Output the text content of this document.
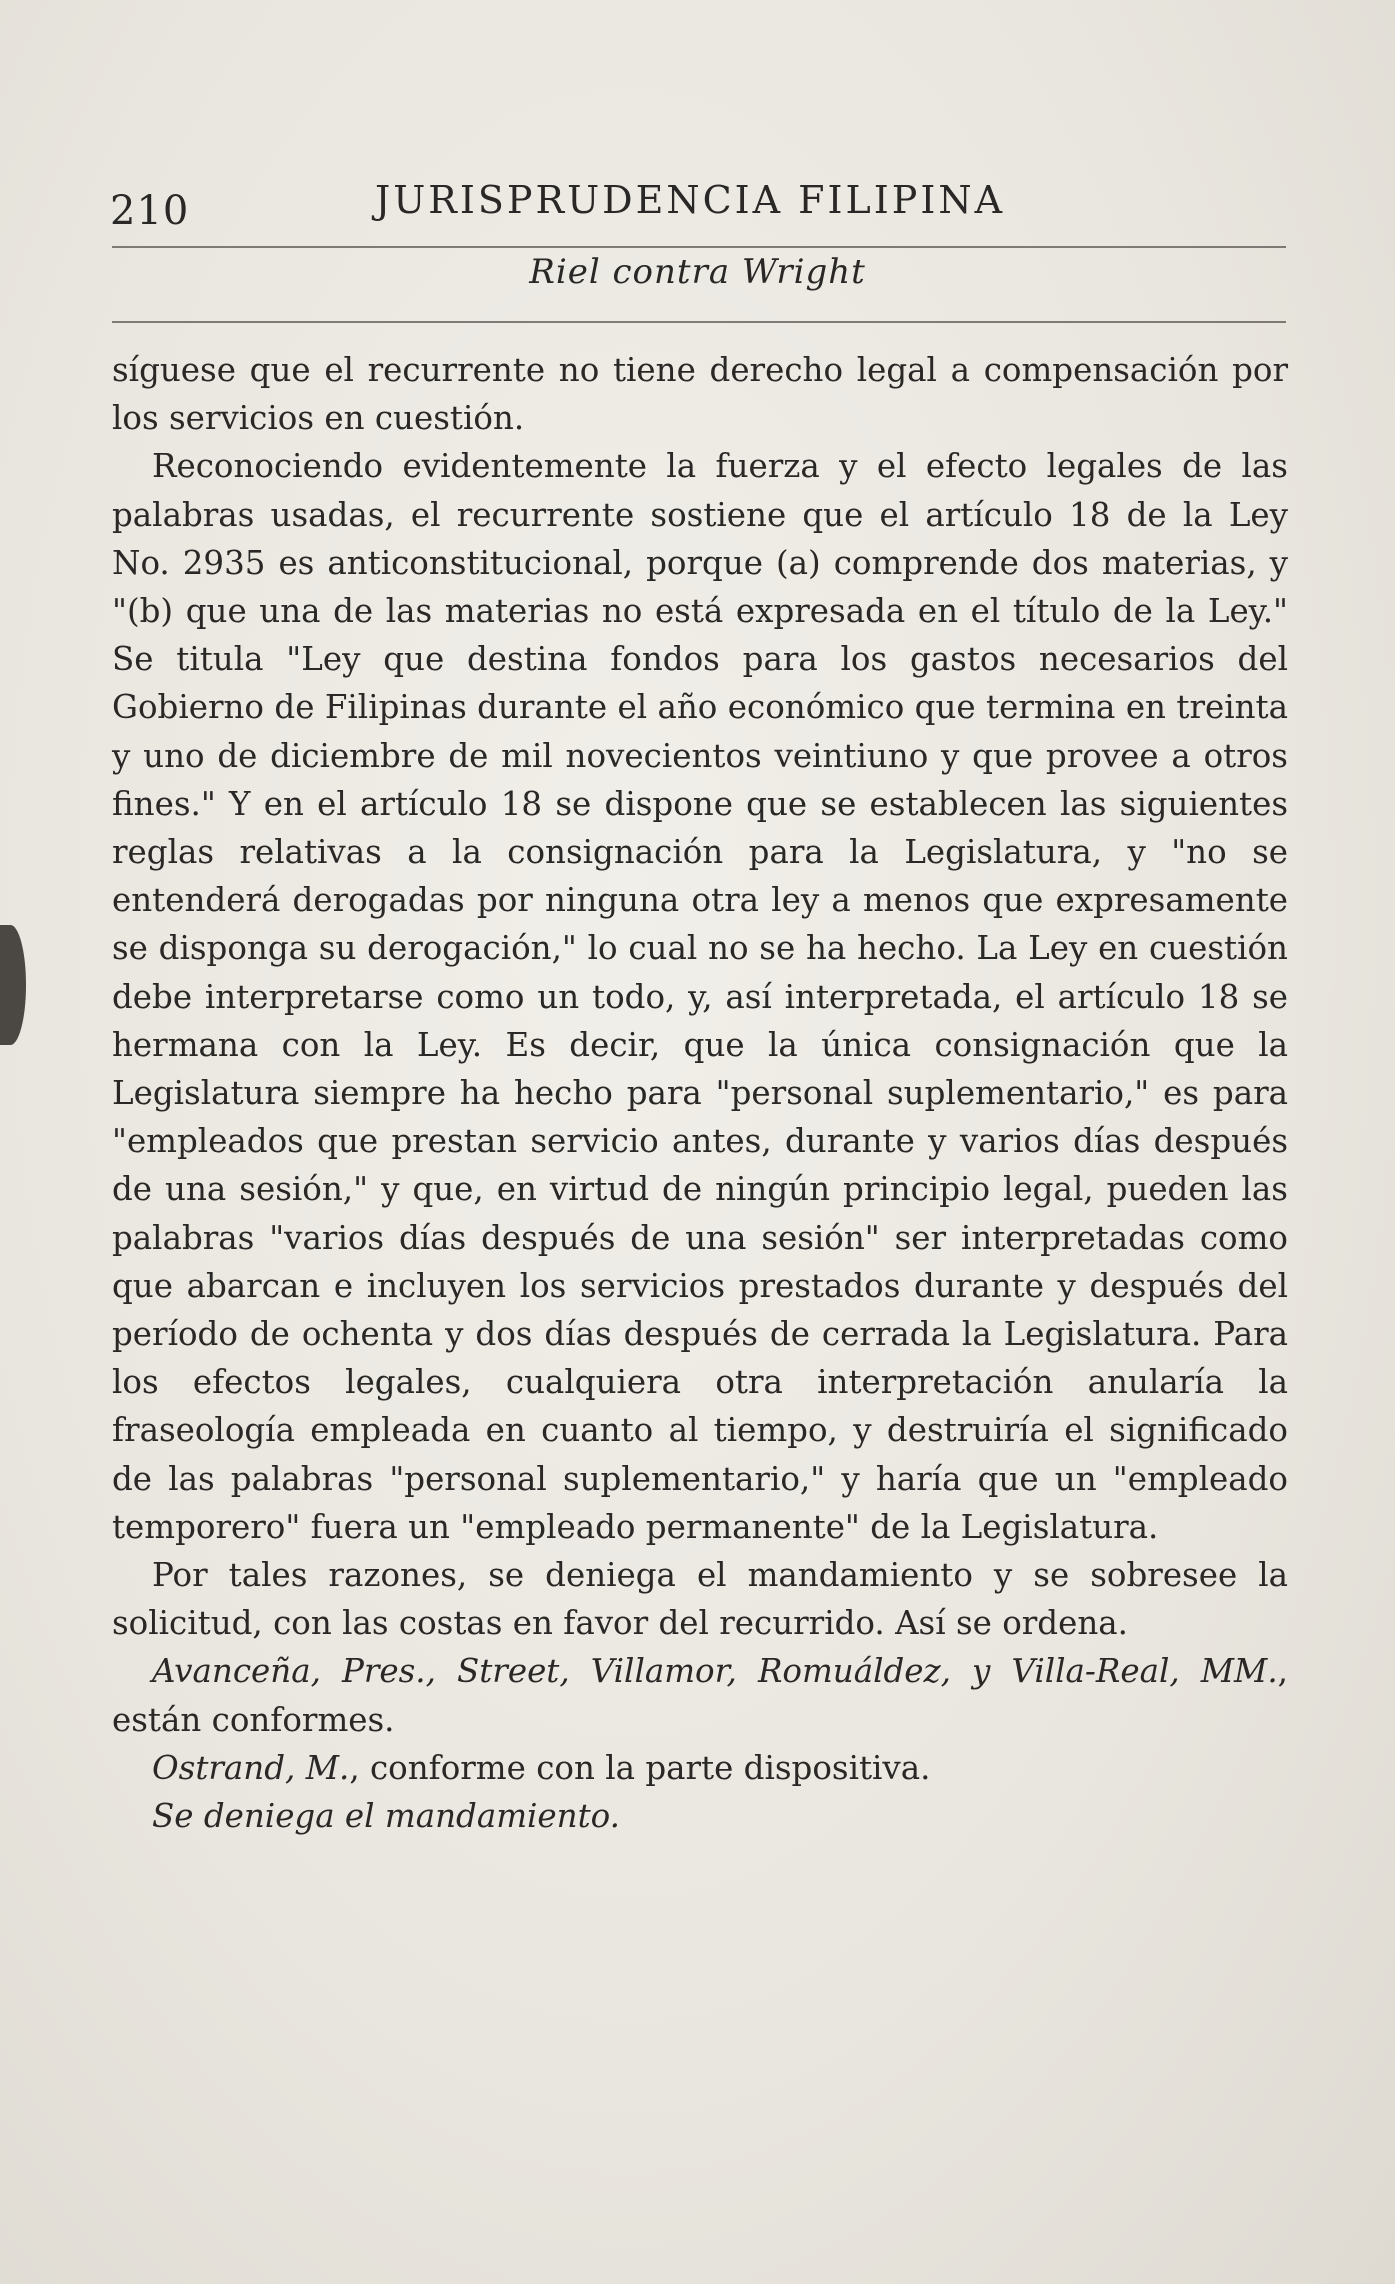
210	JURISPRUDENCIA FILIPINA
Riel contra Wright

síguese que el recurrente no tiene derecho legal a compensación por los servicios en cuestión.

Reconociendo evidentemente la fuerza y el efecto legales de las palabras usadas, el recurrente sostiene que el artículo 18 de la Ley No. 2935 es anticonstitucional, porque (a) comprende dos materias, y "(b) que una de las materias no está expresada en el título de la Ley." Se titula "Ley que destina fondos para los gastos necesarios del Gobierno de Filipinas durante el año económico que termina en treinta y uno de diciembre de mil novecientos veintiuno y que provee a otros fines." Y en el artículo 18 se dispone que se establecen las siguientes reglas relativas a la consignación para la Legislatura, y "no se entenderá derogadas por ninguna otra ley a menos que expresamente se disponga su derogación," lo cual no se ha hecho. La Ley en cuestión debe interpretarse como un todo, y, así interpretada, el artículo 18 se hermana con la Ley. Es decir, que la única consignación que la Legislatura siempre ha hecho para "personal suplementario," es para "empleados que prestan servicio antes, durante y varios días después de una sesión," y que, en virtud de ningún principio legal, pueden las palabras "varios días después de una sesión" ser interpretadas como que abarcan e incluyen los servicios prestados durante y después del período de ochenta y dos días después de cerrada la Legislatura. Para los efectos legales, cualquiera otra interpretación anularía la fraseología empleada en cuanto al tiempo, y destruiría el significado de las palabras "personal suplementario," y haría que un "empleado temporero" fuera un "empleado permanente" de la Legislatura.

Por tales razones, se deniega el mandamiento y se sobresee la solicitud, con las costas en favor del recurrido. Así se ordena.

Avanceña, Pres., Street, Villamor, Romuáldez, y Villa-Real, MM., están conformes.

Ostrand, M., conforme con la parte dispositiva.

Se deniega el mandamiento.
